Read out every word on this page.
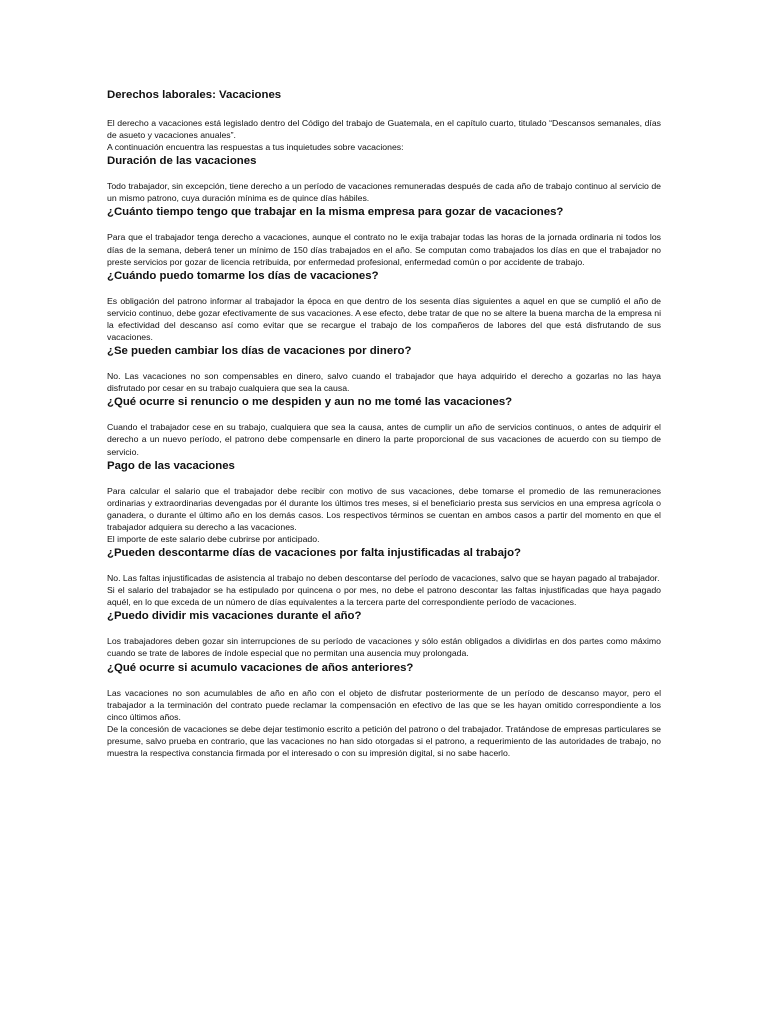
Derechos laborales: Vacaciones

El derecho a vacaciones está legislado dentro del Código del trabajo de Guatemala, en el capítulo cuarto, titulado “Descansos semanales, días de asueto y vacaciones anuales”.

A continuación encuentra las respuestas a tus inquietudes sobre vacaciones:

Duración de las vacaciones

Todo trabajador, sin excepción, tiene derecho a un período de vacaciones remuneradas después de cada año de trabajo continuo al servicio de un mismo patrono, cuya duración mínima es de quince días hábiles.

¿Cuánto tiempo tengo que trabajar en la misma empresa para gozar de vacaciones?

Para que el trabajador tenga derecho a vacaciones, aunque el contrato no le exija trabajar todas las horas de la jornada ordinaria ni todos los días de la semana, deberá tener un mínimo de 150 días trabajados en el año. Se computan como trabajados los días en que el trabajador no preste servicios por gozar de licencia retribuida, por enfermedad profesional, enfermedad común o por accidente de trabajo.

¿Cuándo puedo tomarme los días de vacaciones?

Es obligación del patrono informar al trabajador la época en que dentro de los sesenta días siguientes a aquel en que se cumplió el año de servicio continuo, debe gozar efectivamente de sus vacaciones. A ese efecto, debe tratar de que no se altere la buena marcha de la empresa ni la efectividad del descanso así como evitar que se recargue el trabajo de los compañeros de labores del que está disfrutando de sus vacaciones.

¿Se pueden cambiar los días de vacaciones por dinero?

No. Las vacaciones no son compensables en dinero, salvo cuando el trabajador que haya adquirido el derecho a gozarlas no las haya disfrutado por cesar en su trabajo cualquiera que sea la causa.

¿Qué ocurre si renuncio o me despiden y aun no me tomé las vacaciones?

Cuando el trabajador cese en su trabajo, cualquiera que sea la causa, antes de cumplir un año de servicios continuos, o antes de adquirir el derecho a un nuevo período, el patrono debe compensarle en dinero la parte proporcional de sus vacaciones de acuerdo con su tiempo de servicio.

Pago de las vacaciones

Para calcular el salario que el trabajador debe recibir con motivo de sus vacaciones, debe tomarse el promedio de las remuneraciones ordinarias y extraordinarias devengadas por él durante los últimos tres meses, si el beneficiario presta sus servicios en una empresa agrícola o ganadera, o durante el último año en los demás casos. Los respectivos términos se cuentan en ambos casos a partir del momento en que el trabajador adquiera su derecho a las vacaciones.

El importe de este salario debe cubrirse por anticipado.

¿Pueden descontarme días de vacaciones por falta injustificadas al trabajo?

No. Las faltas injustificadas de asistencia al trabajo no deben descontarse del período de vacaciones, salvo que se hayan pagado al trabajador.

Si el salario del trabajador se ha estipulado por quincena o por mes, no debe el patrono descontar las faltas injustificadas que haya pagado aquél, en lo que exceda de un número de días equivalentes a la tercera parte del correspondiente período de vacaciones.

¿Puedo dividir mis vacaciones durante el año?

Los trabajadores deben gozar sin interrupciones de su período de vacaciones y sólo están obligados a dividirlas en dos partes como máximo cuando se trate de labores de índole especial que no permitan una ausencia muy prolongada.

¿Qué ocurre si acumulo vacaciones de años anteriores?

Las vacaciones no son acumulables de año en año con el objeto de disfrutar posteriormente de un período de descanso mayor, pero el trabajador a la terminación del contrato puede reclamar la compensación en efectivo de las que se les hayan omitido correspondiente a los cinco últimos años.

De la concesión de vacaciones se debe dejar testimonio escrito a petición del patrono o del trabajador. Tratándose de empresas particulares se presume, salvo prueba en contrario, que las vacaciones no han sido otorgadas si el patrono, a requerimiento de las autoridades de trabajo, no muestra la respectiva constancia firmada por el interesado o con su impresión digital, si no sabe hacerlo.
